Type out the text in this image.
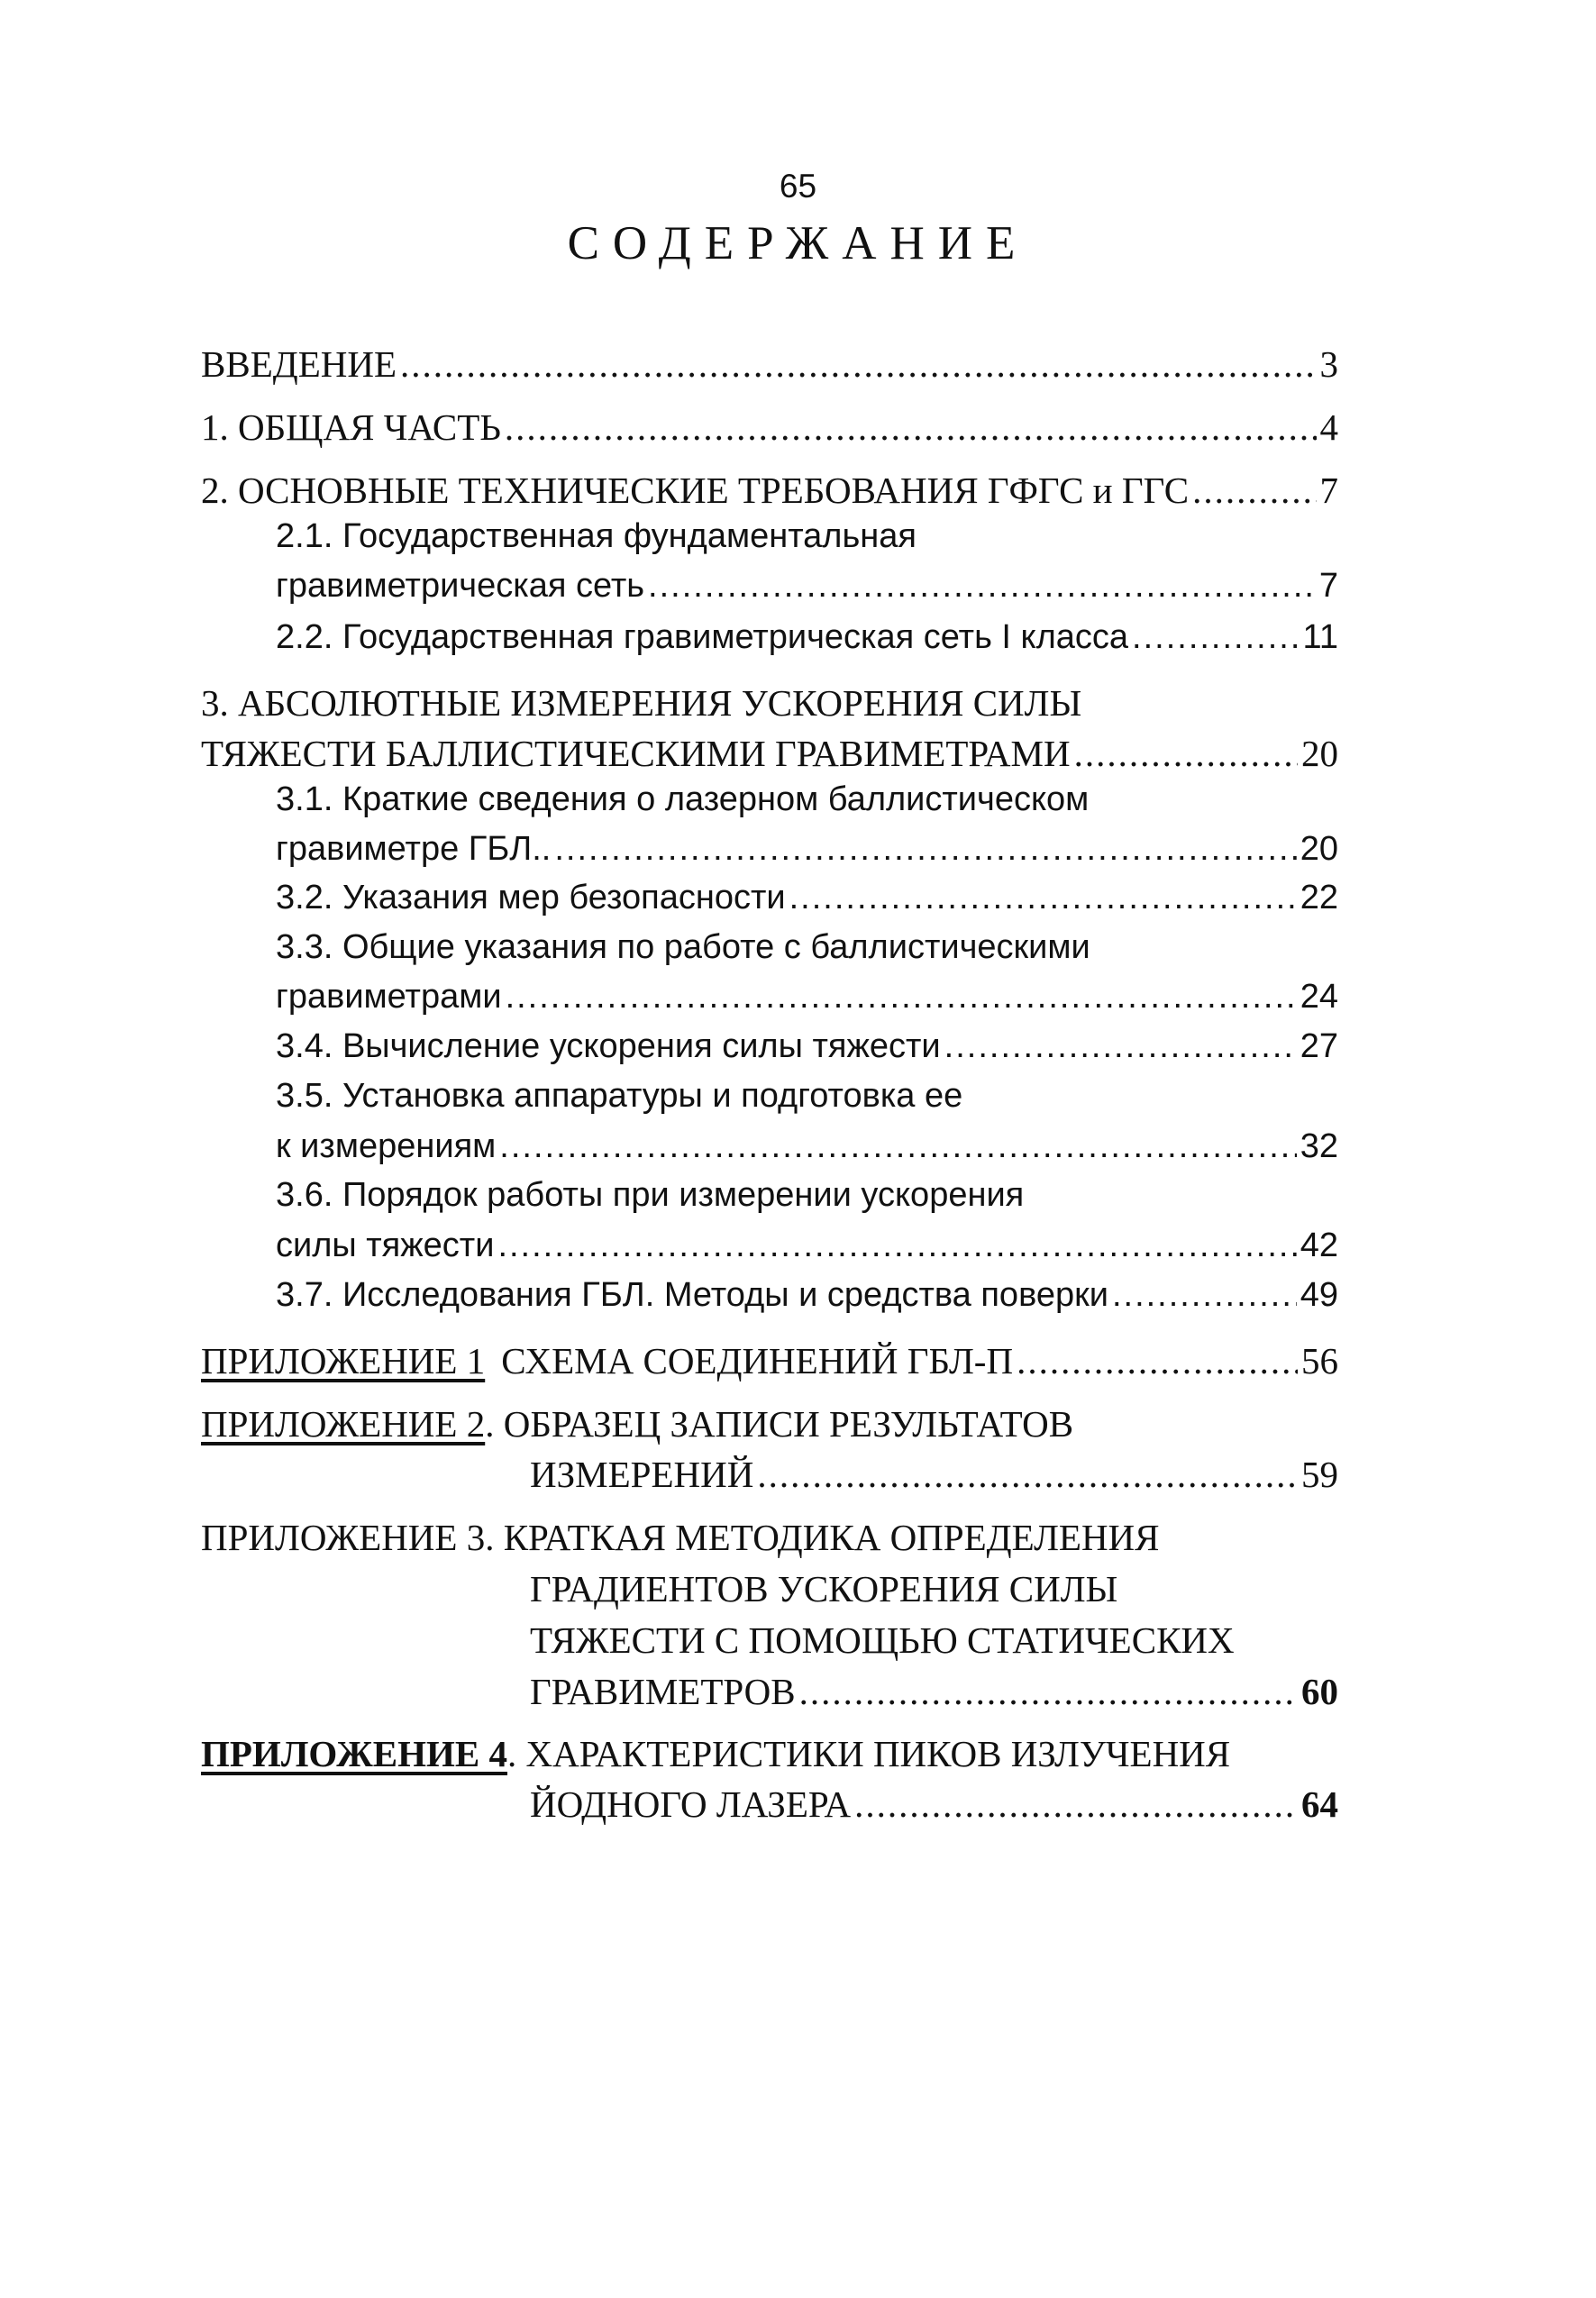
65
СОДЕРЖАНИЕ
ВВЕДЕНИЕ .....	3
1. ОБЩАЯ ЧАСТЬ .....	4
2. ОСНОВНЫЕ ТЕХНИЧЕСКИЕ ТРЕБОВАНИЯ ГФГС и ГГС .....	7
2.1. Государственная фундаментальная
гравиметрическая сеть .....	7
2.2. Государственная гравиметрическая сеть I класса .....	11
3. АБСОЛЮТНЫЕ ИЗМЕРЕНИЯ УСКОРЕНИЯ СИЛЫ
ТЯЖЕСТИ БАЛЛИСТИЧЕСКИМИ ГРАВИМЕТРАМИ .....	20
3.1. Краткие сведения о лазерном баллистическом
гравиметре ГБЛ.. .....	20
3.2. Указания мер безопасности .....	22
3.3. Общие указания по работе с баллистическими
гравиметрами .....	24
3.4. Вычисление ускорения силы тяжести .....	27
3.5. Установка аппаратуры и подготовка ее
к измерениям .....	32
3.6. Порядок работы при измерении ускорения
силы тяжести .....	42
3.7. Исследования ГБЛ. Методы и средства поверки .....	49
ПРИЛОЖЕНИЕ 1 СХЕМА СОЕДИНЕНИЙ ГБЛ-П .....	56
ПРИЛОЖЕНИЕ 2 . ОБРАЗЕЦ ЗАПИСИ РЕЗУЛЬТАТОВ
ИЗМЕРЕНИЙ .....	59
ПРИЛОЖЕНИЕ 3. КРАТКАЯ МЕТОДИКА ОПРЕДЕЛЕНИЯ
ГРАДИЕНТОВ УСКОРЕНИЯ СИЛЫ
ТЯЖЕСТИ С ПОМОЩЬЮ СТАТИЧЕСКИХ
ГРАВИМЕТРОВ .....	60
ПРИЛОЖЕНИЕ 4 . ХАРАКТЕРИСТИКИ ПИКОВ ИЗЛУЧЕНИЯ
ЙОДНОГО ЛАЗЕРА .....	64
